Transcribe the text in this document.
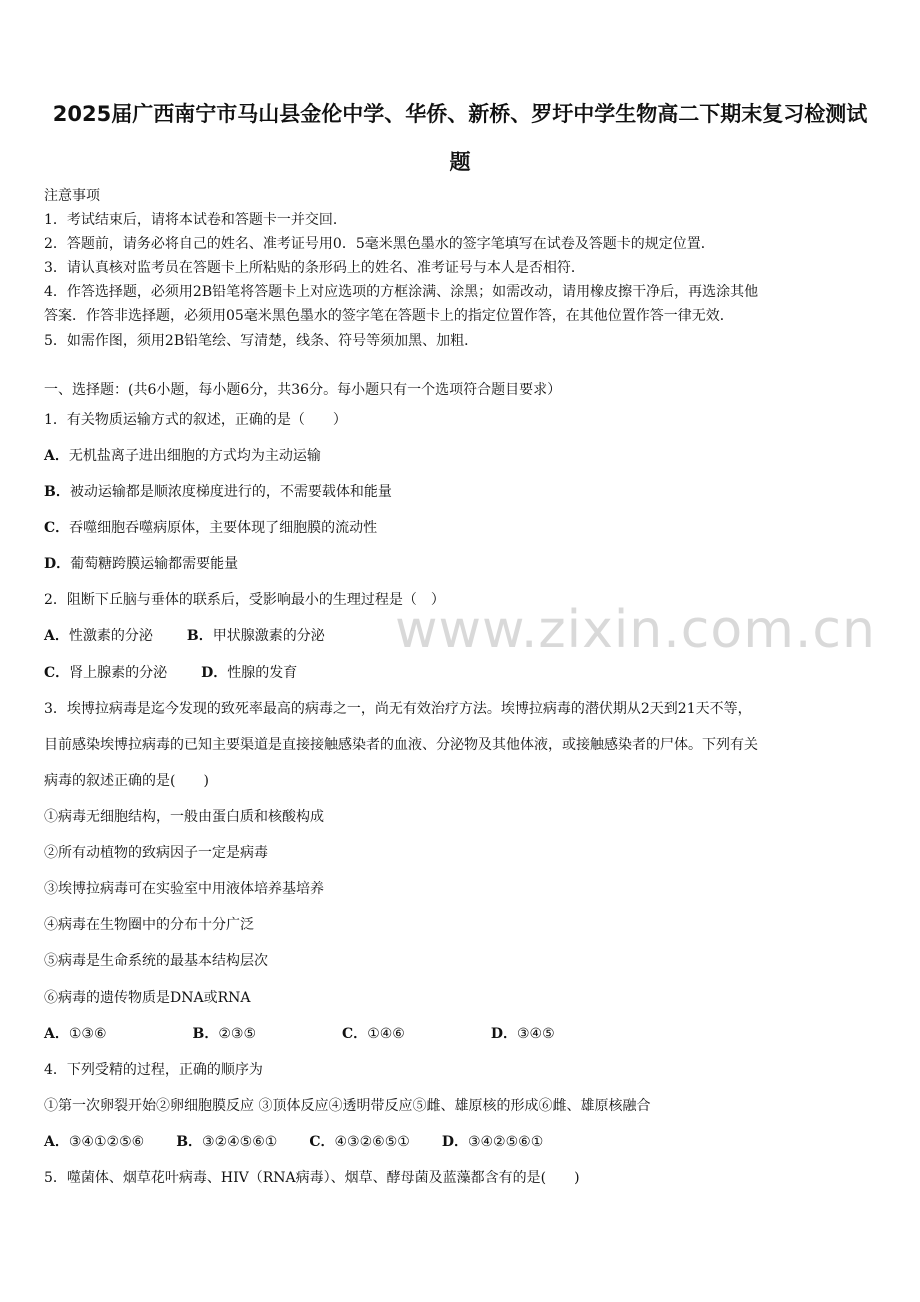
www.zixin.com.cn
2025届广西南宁市马山县金伦中学、华侨、新桥、罗圩中学生物高二下期末复习检测试
题
注意事项
1．考试结束后，请将本试卷和答题卡一并交回．
2．答题前，请务必将自己的姓名、准考证号用0．5毫米黑色墨水的签字笔填写在试卷及答题卡的规定位置．
3．请认真核对监考员在答题卡上所粘贴的条形码上的姓名、准考证号与本人是否相符．
4．作答选择题，必须用2B铅笔将答题卡上对应选项的方框涂满、涂黑；如需改动，请用橡皮擦干净后，再选涂其他
答案．作答非选择题，必须用05毫米黑色墨水的签字笔在答题卡上的指定位置作答，在其他位置作答一律无效．
5．如需作图，须用2B铅笔绘、写清楚，线条、符号等须加黑、加粗．
一、选择题：(共6小题，每小题6分，共36分。每小题只有一个选项符合题目要求）
1．有关物质运输方式的叙述，正确的是（　　）
A．无机盐离子进出细胞的方式均为主动运输
B．被动运输都是顺浓度梯度进行的，不需要载体和能量
C．吞噬细胞吞噬病原体，主要体现了细胞膜的流动性
D．葡萄糖跨膜运输都需要能量
2．阻断下丘脑与垂体的联系后，受影响最小的生理过程是（　）
A．性激素的分泌 B．甲状腺激素的分泌
C．肾上腺素的分泌 D．性腺的发育
3．埃博拉病毒是迄今发现的致死率最高的病毒之一，尚无有效治疗方法。埃博拉病毒的潜伏期从2天到21天不等，
目前感染埃博拉病毒的已知主要渠道是直接接触感染者的血液、分泌物及其他体液，或接触感染者的尸体。下列有关
病毒的叙述正确的是(　　)
①病毒无细胞结构，一般由蛋白质和核酸构成
②所有动植物的致病因子一定是病毒
③埃博拉病毒可在实验室中用液体培养基培养
④病毒在生物圈中的分布十分广泛
⑤病毒是生命系统的最基本结构层次
⑥病毒的遗传物质是DNA或RNA
A．①③⑥	B．②③⑤	C．①④⑥	D．③④⑤
4．下列受精的过程，正确的顺序为
①第一次卵裂开始②卵细胞膜反应 ③顶体反应④透明带反应⑤雌、雄原核的形成⑥雌、雄原核融合
A．③④①②⑤⑥ B．③②④⑤⑥① C．④③②⑥⑤① D．③④②⑤⑥①
5．噬菌体、烟草花叶病毒、HIV（RNA病毒）、烟草、酵母菌及蓝藻都含有的是(　　)
